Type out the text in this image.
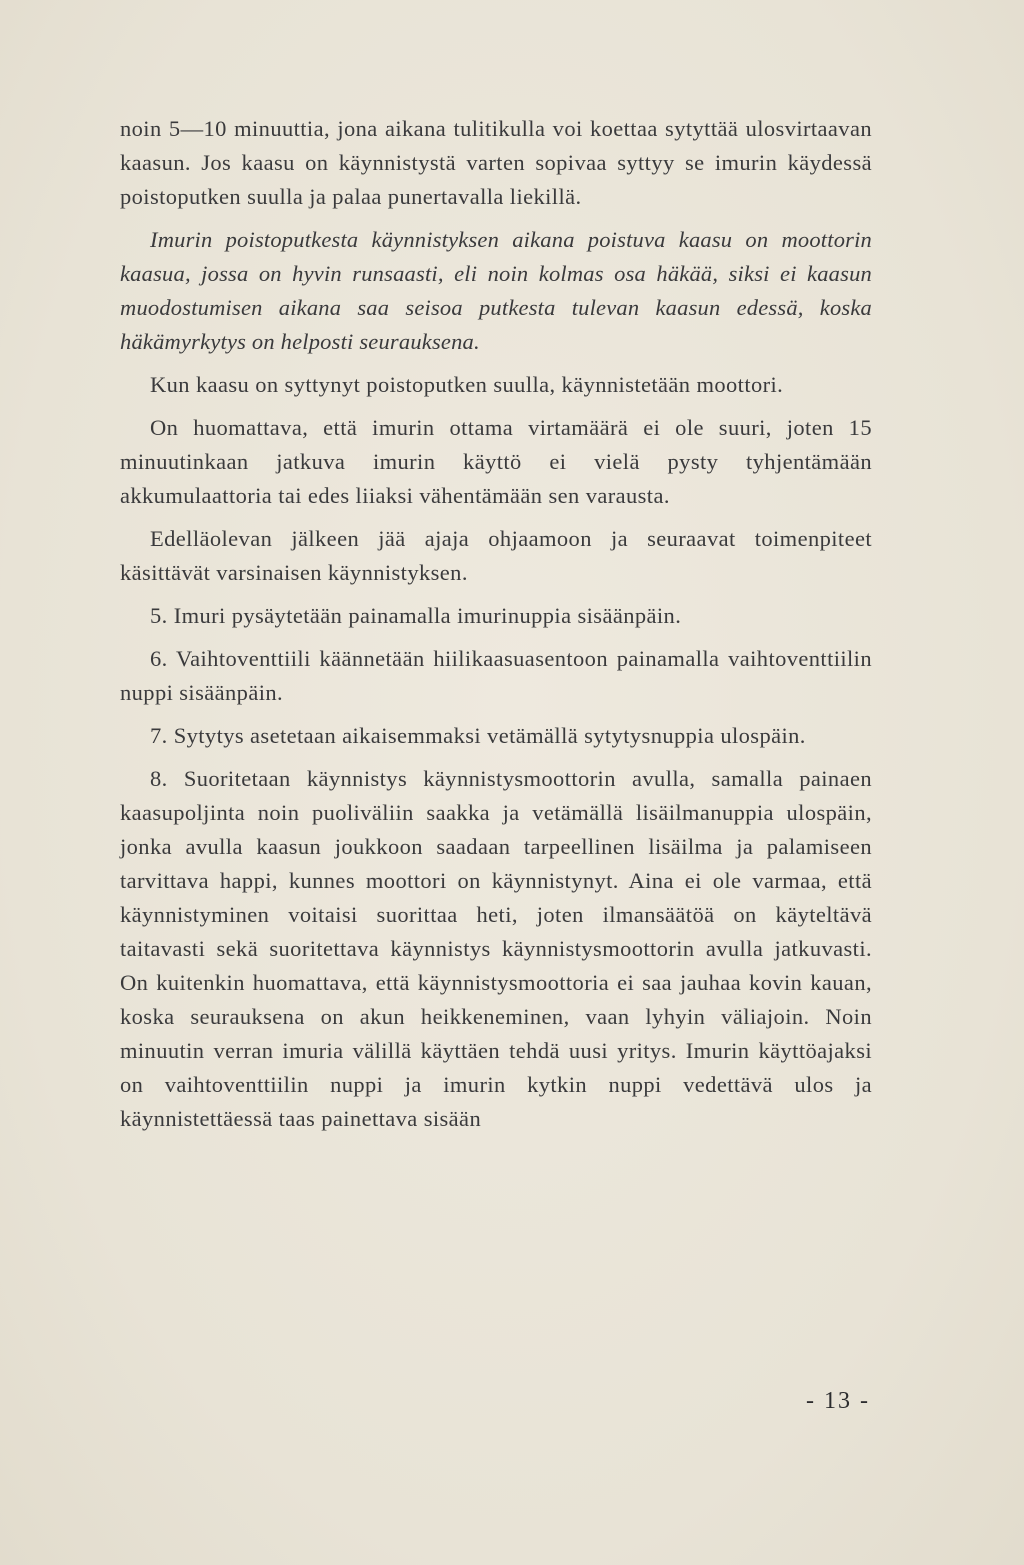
noin 5—10 minuuttia, jona aikana tulitikulla voi koettaa sytyttää ulosvirtaavan kaasun. Jos kaasu on käynnistystä varten sopivaa syttyy se imurin käydessä poistoputken suulla ja palaa punertavalla liekillä.

Imurin poistoputkesta käynnistyksen aikana poistuva kaasu on moottorin kaasua, jossa on hyvin runsaasti, eli noin kolmas osa häkää, siksi ei kaasun muodostumisen aikana saa seisoa putkesta tulevan kaasun edessä, koska häkämyrkytys on helposti seurauksena.

Kun kaasu on syttynyt poistoputken suulla, käynnistetään moottori.

On huomattava, että imurin ottama virtamäärä ei ole suuri, joten 15 minuutinkaan jatkuva imurin käyttö ei vielä pysty tyhjentämään akkumulaattoria tai edes liiaksi vähentämään sen varausta.

Edelläolevan jälkeen jää ajaja ohjaamoon ja seuraavat toimenpiteet käsittävät varsinaisen käynnistyksen.

5. Imuri pysäytetään painamalla imurinuppia sisäänpäin.

6. Vaihtoventtiili käännetään hiilikaasuasentoon painamalla vaihtoventtiilin nuppi sisäänpäin.

7. Sytytys asetetaan aikaisemmaksi vetämällä sytytysnuppia ulospäin.

8. Suoritetaan käynnistys käynnistysmoottorin avulla, samalla painaen kaasupoljinta noin puoliväliin saakka ja vetämällä lisäilmanuppia ulospäin, jonka avulla kaasun joukkoon saadaan tarpeellinen lisäilma ja palamiseen tarvittava happi, kunnes moottori on käynnistynyt. Aina ei ole varmaa, että käynnistyminen voitaisi suorittaa heti, joten ilmansäätöä on käyteltävä taitavasti sekä suoritettava käynnistys käynnistysmoottorin avulla jatkuvasti. On kuitenkin huomattava, että käynnistysmoottoria ei saa jauhaa kovin kauan, koska seurauksena on akun heikkeneminen, vaan lyhyin väliajoin. Noin minuutin verran imuria välillä käyttäen tehdä uusi yritys. Imurin käyttöajaksi on vaihtoventtiilin nuppi ja imurin kytkin nuppi vedettävä ulos ja käynnistettäessä taas painettava sisään

- 13 -
